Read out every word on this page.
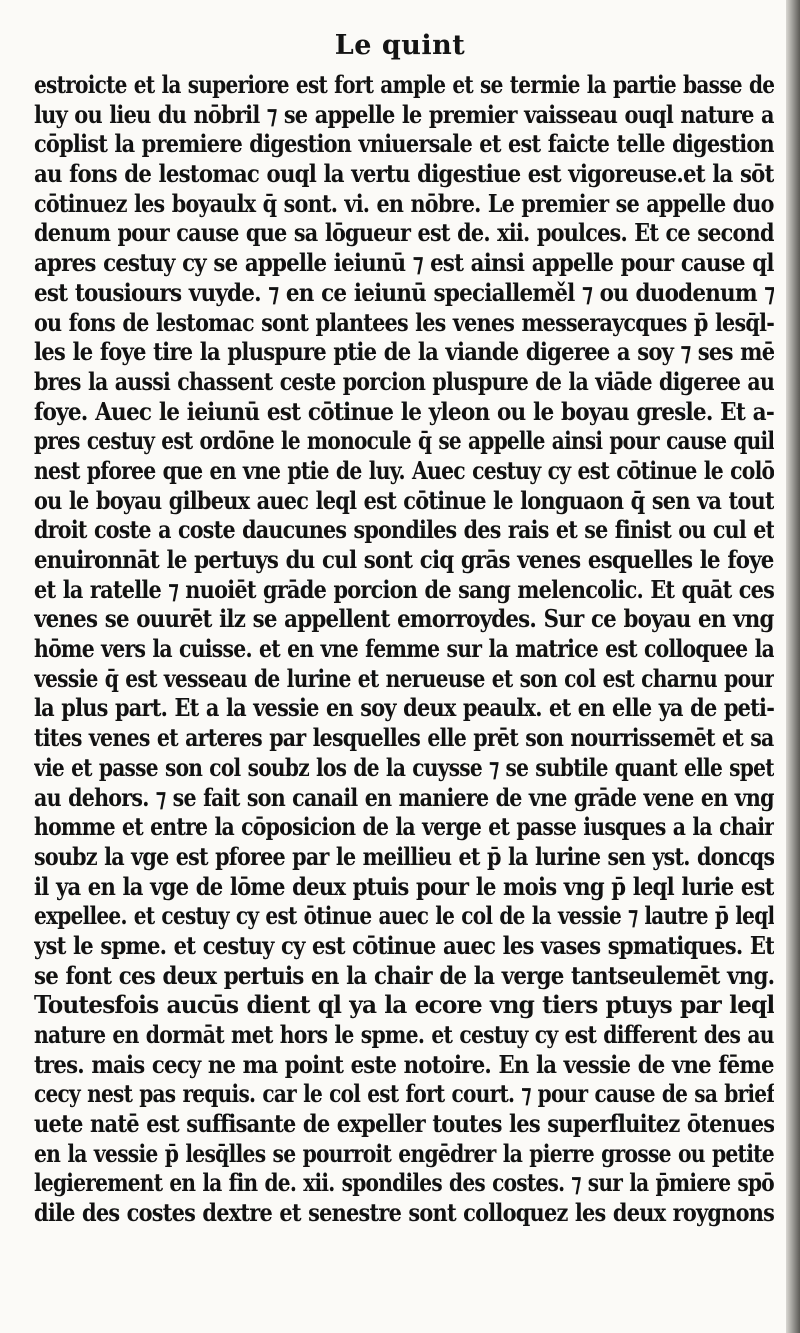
Le quint
estroicte et la superiore est fort ample et se termie la partie basse de
luy ou lieu du nōbril ⁊ se appelle le premier vaisseau ouql nature a
cōplist la premiere digestion vniuersale et est faicte telle digestion
au fons de lestomac ouql la vertu digestiue est vigoreuse.et la sōt
cōtinuez les boyaulx q̄ sont. vi. en nōbre. Le premier se appelle duo
denum pour cause que sa lōgueur est de. xii. poulces. Et ce second
apres cestuy cy se appelle ieiunū ⁊ est ainsi appelle pour cause ql
est tousiours vuyde. ⁊ en ce ieiunū specialleměl ⁊ ou duodenum ⁊
ou fons de lestomac sont plantees les venes messeraycques p̄ lesq̄l-
les le foye tire la pluspure ptie de la viande digeree a soy ⁊ ses mē
bres la aussi chassent ceste porcion pluspure de la viāde digeree au
foye. Auec le ieiunū est cōtinue le yleon ou le boyau gresle. Et a-
pres cestuy est ordōne le monocule q̄ se appelle ainsi pour cause quil
nest pforee que en vne ptie de luy. Auec cestuy cy est cōtinue le colō
ou le boyau gilbeux auec leql est cōtinue le longuaon q̄ sen va tout
droit coste a coste daucunes spondiles des rais et se finist ou cul et
enuironnāt le pertuys du cul sont ciq grās venes esquelles le foye
et la ratelle ⁊ nuoiēt grāde porcion de sang melencolic. Et quāt ces
venes se ouurēt ilz se appellent emorroydes. Sur ce boyau en vng
hōme vers la cuisse. et en vne femme sur la matrice est colloquee la
vessie q̄ est vesseau de lurine et nerueuse et son col est charnu pour
la plus part. Et a la vessie en soy deux peaulx. et en elle ya de peti-
tites venes et arteres par lesquelles elle prēt son nourrissemēt et sa
vie et passe son col soubz los de la cuysse ⁊ se subtile quant elle spet
au dehors. ⁊ se fait son canail en maniere de vne grāde vene en vng
homme et entre la cōposicion de la verge et passe iusques a la chair
soubz la vge est pforee par le meillieu et p̄ la lurine sen yst. doncqs
il ya en la vge de lōme deux ptuis pour le mois vng p̄ leql lurie est
expellee. et cestuy cy est ōtinue auec le col de la vessie ⁊ lautre p̄ leql
yst le spme. et cestuy cy est cōtinue auec les vases spmatiques. Et
se font ces deux pertuis en la chair de la verge tantseulemēt vng.
Toutesfois aucūs dient ql ya la ecore vng tiers ptuys par leql
nature en dormāt met hors le spme. et cestuy cy est different des au
tres. mais cecy ne ma point este notoire. En la vessie de vne fēme
cecy nest pas requis. car le col est fort court. ⁊ pour cause de sa brief
uete natē est suffisante de expeller toutes les superfluitez ōtenues
en la vessie p̄ lesq̄lles se pourroit engēdrer la pierre grosse ou petite
legierement en la fin de. xii. spondiles des costes. ⁊ sur la p̄miere spō
dile des costes dextre et senestre sont colloquez les deux roygnons
